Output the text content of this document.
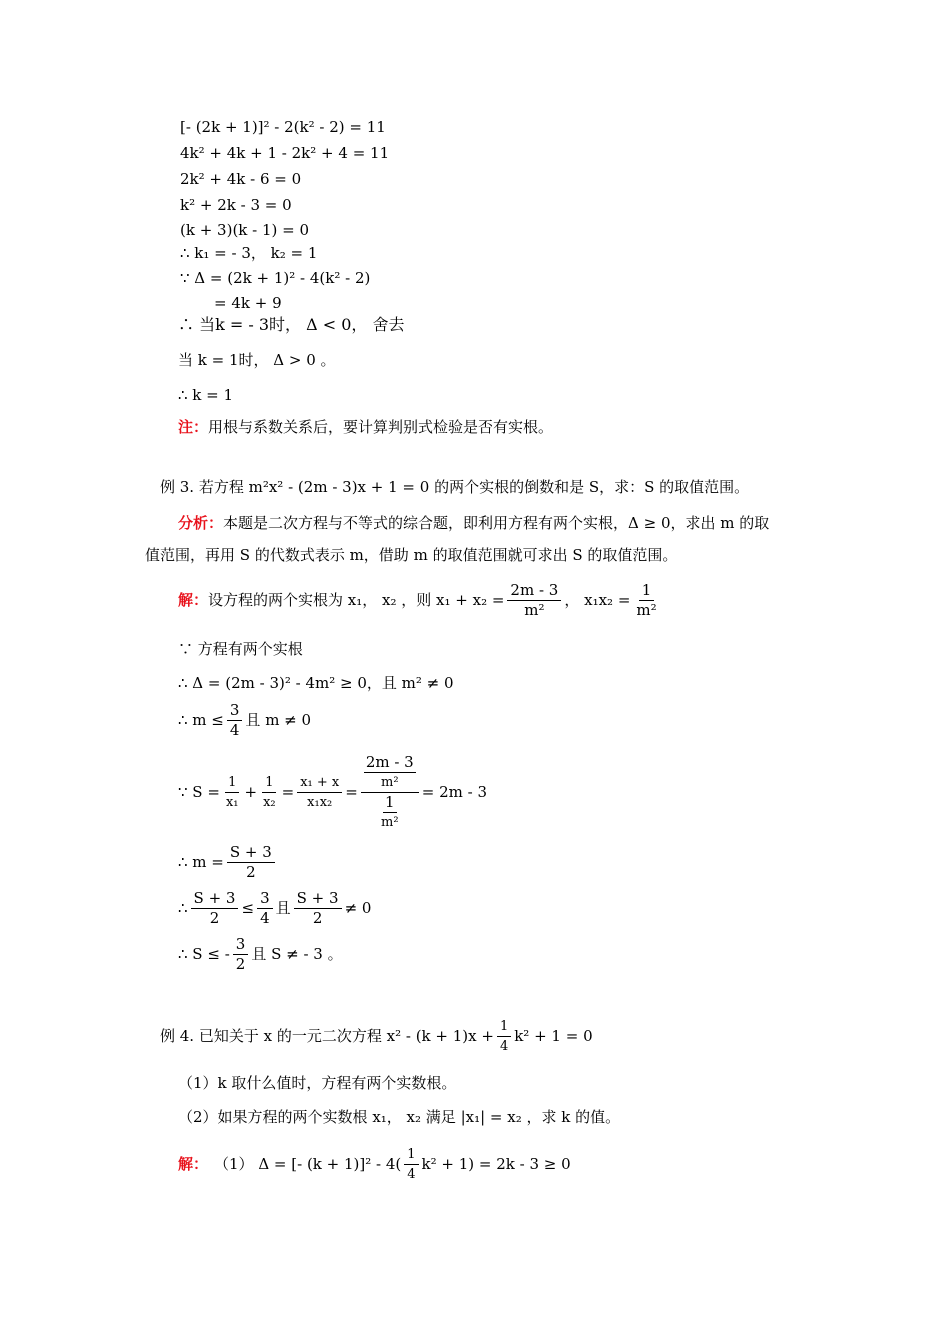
[- (2k + 1)]² - 2(k² - 2) = 11
4k² + 4k + 1 - 2k² + 4 = 11
2k² + 4k - 6 = 0
k² + 2k - 3 = 0
(k + 3)(k - 1) = 0
∴ k₁ = - 3， k₂ = 1
∵ Δ = (2k + 1)² - 4(k² - 2)
= 4k + 9
∴ 当k = - 3时， Δ < 0， 舍去
当 k = 1时， Δ > 0 。
∴ k = 1
注：用根与系数关系后，要计算判别式检验是否有实根。
例 3. 若方程 m²x² - (2m - 3)x + 1 = 0 的两个实根的倒数和是 S，求：S 的取值范围。
分析：本题是二次方程与不等式的综合题，即利用方程有两个实根，Δ ≥ 0，求出 m 的取
值范围，再用 S 的代数式表示 m，借助 m 的取值范围就可求出 S 的取值范围。
解： 设方程的两个实根为 x₁， x₂ ，则 $x_1 + x_2 = \frac{2m - 3}{\text{m²}}$ ， $x_1x_2 = \frac{1}{\text{m²}}$
∵ 方程有两个实根
∴ Δ = (2m - 3)² - 4m² ≥ 0，且 m² ≠ 0
∴ $m \le \frac{3}{4}$ 且 m ≠ 0
∵ $S = \frac{1}{\text{x₁}} + \frac{1}{\text{x₂}} = \frac{\text{x₁ + x}}{\text{x₁x₂}} = 2m - 3$
m²
1
m² = 2m - 3
∴ $m = \frac{S + 3}{2}$
∴ $\frac{S + 3}{2} \le \frac{3}{4}$ 且 $\frac{S + 3}{2} \ne 0$
∴ S ≤ - $\frac{3}{2}$ 且 S ≠ - 3 。
例 4. 已知关于 x 的一元二次方程 $x^2 - (k + 1)x + \frac{1}{4} k^2 + 1 = 0$
（1）k 取什么值时，方程有两个实数根。
（2）如果方程的两个实数根 x₁， x₂ 满足 |x₁| = x₂ ，求 k 的值。
解： （1） Δ = [- $(k + 1)]^2 - 4( \frac{1}{4} k^2 + 1) = 2k - 3 \ge 0$
